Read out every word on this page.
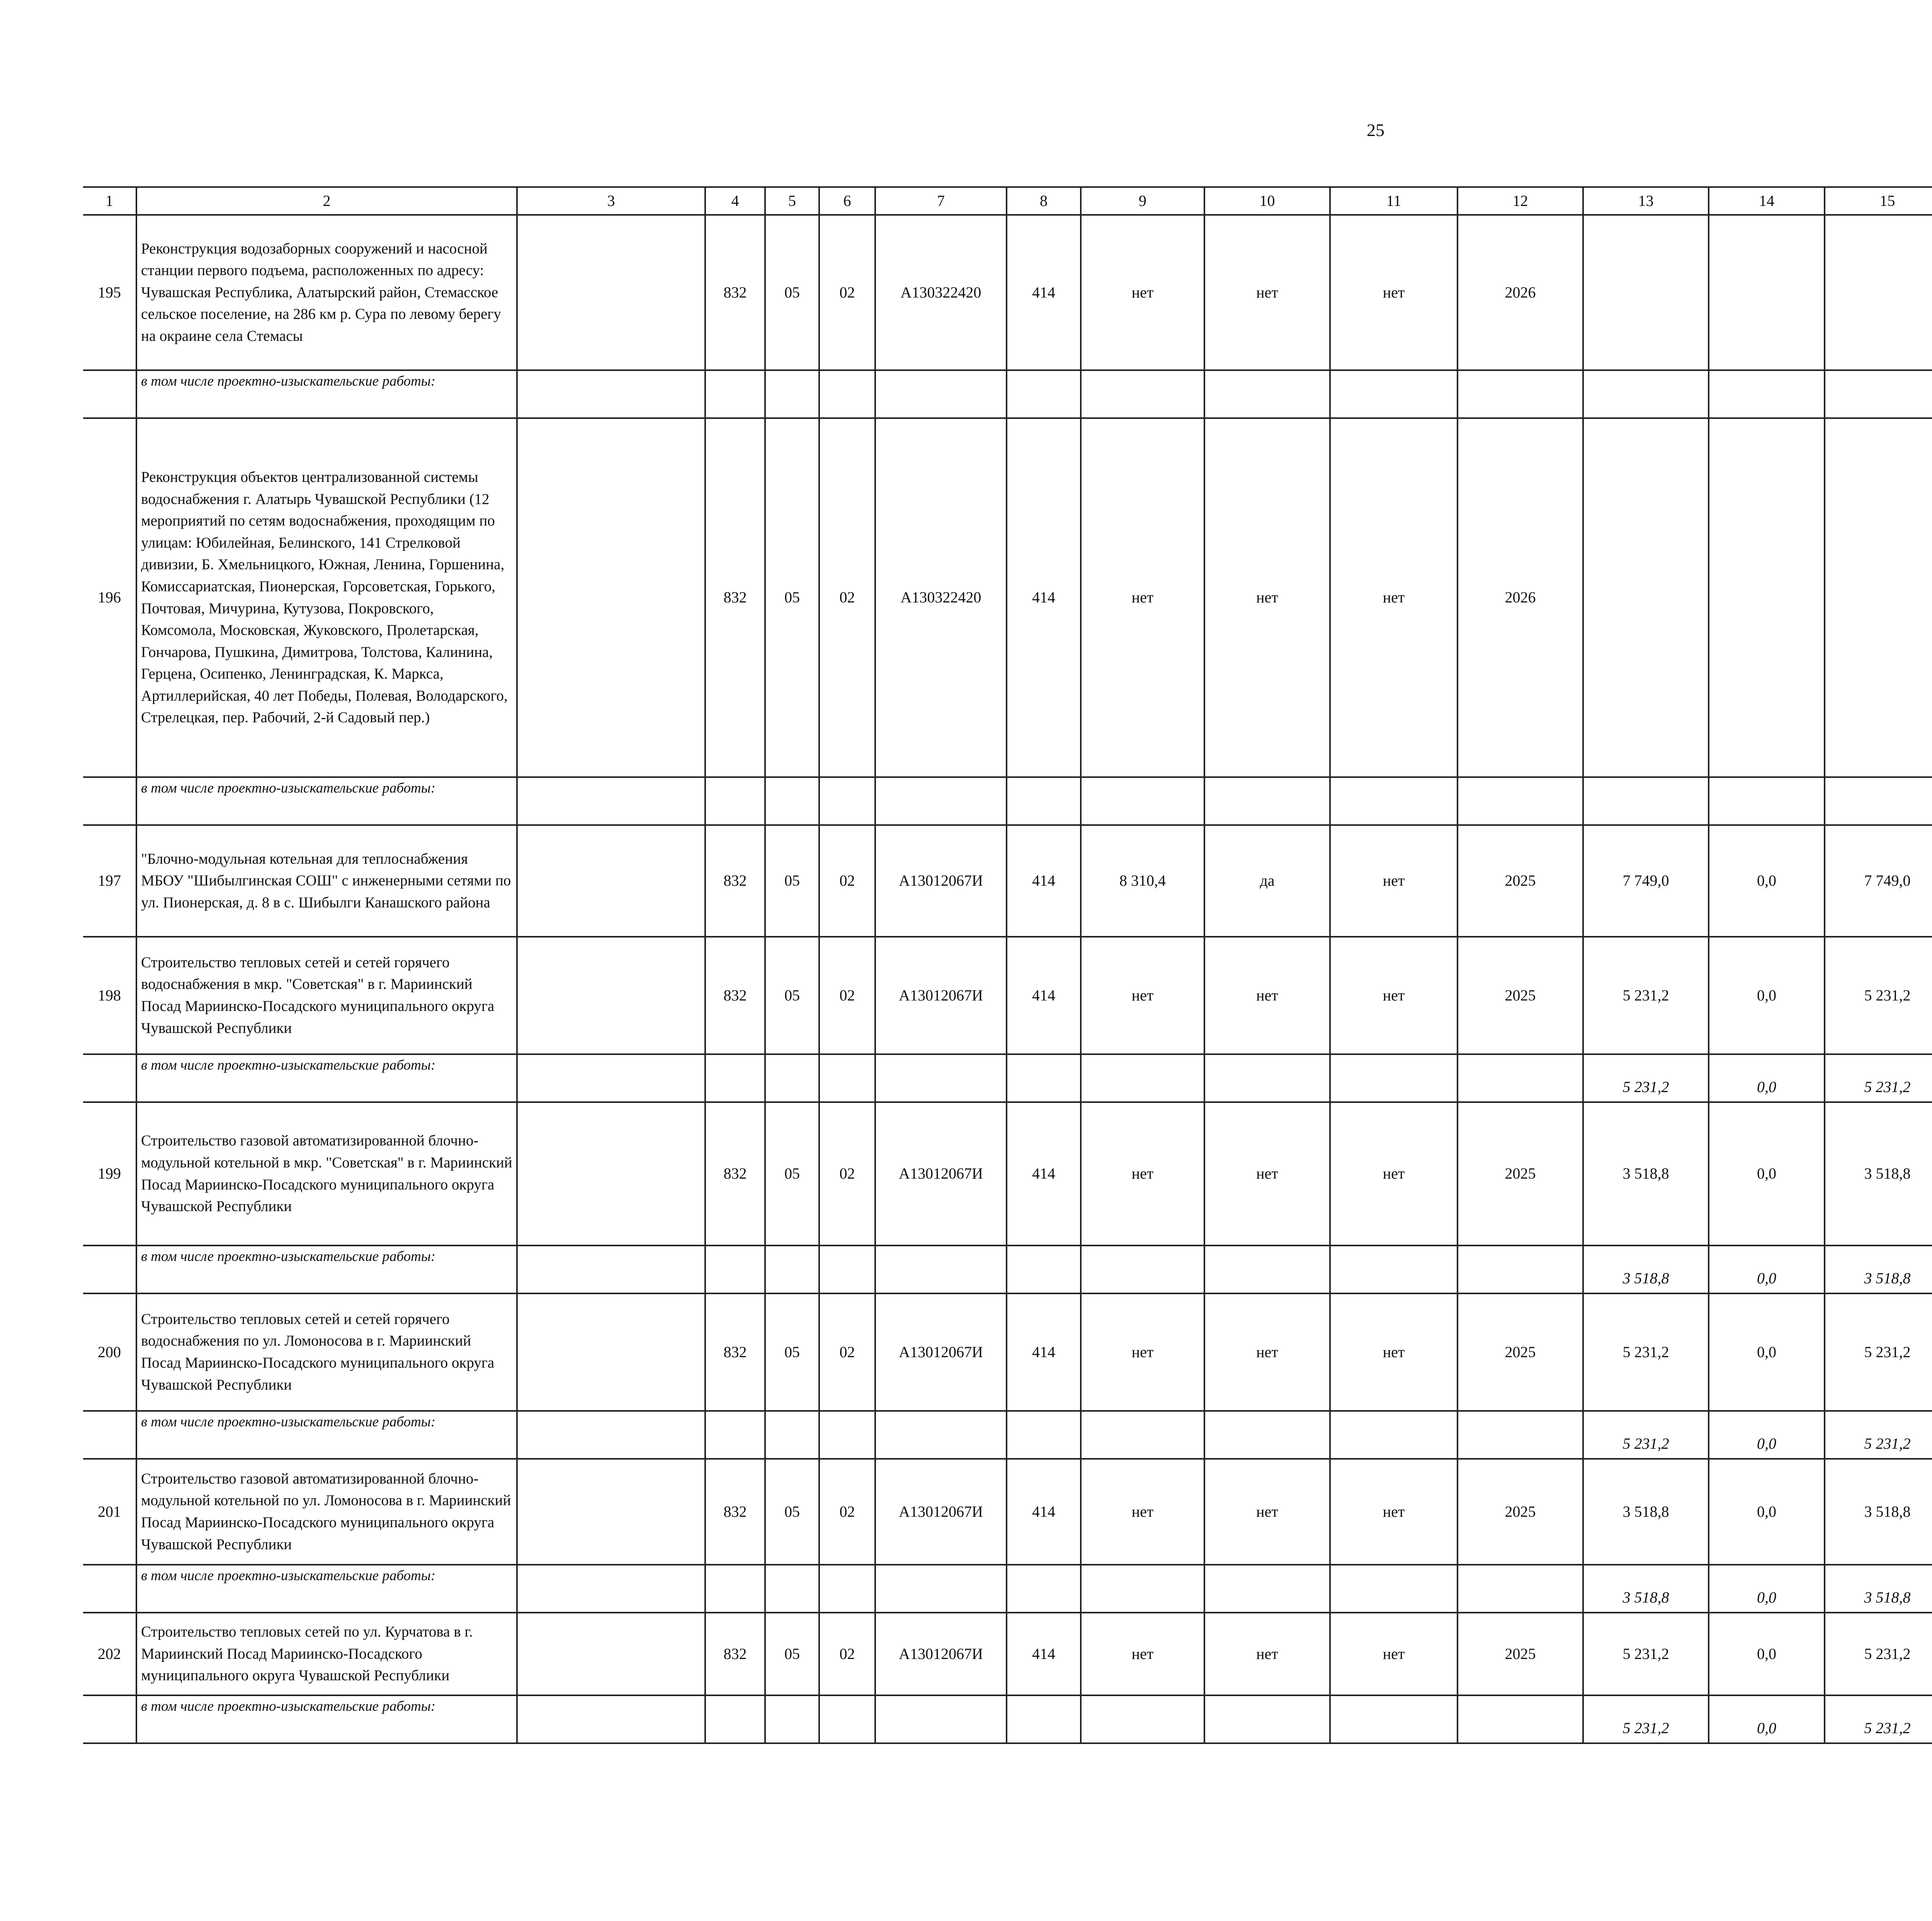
25
1	2	3	4	5	6	7	8	9	10	11	12	13	14	15						
195	Реконструкция водозаборных сооружений и насосной станции первого подъема, расположенных по адресу: Чувашская Республика, Алатырский район, Стемасское сельское поселение, на 286 км р. Сура по левому берегу на окраине села Стемасы		832	05	02	А130322420	414	нет	нет	нет	2026									
	в том числе проектно-изыскательские работы:																			
196	Реконструкция объектов централизованной системы водоснабжения г. Алатырь Чувашской Республики (12 мероприятий по сетям водоснабжения, проходящим по улицам: Юбилейная, Белинского, 141 Стрелковой дивизии, Б. Хмельницкого, Южная, Ленина, Горшенина, Комиссариатская, Пионерская, Горсоветская, Горького, Почтовая, Мичурина, Кутузова, Покровского, Комсомола, Московская, Жуковского, Пролетарская, Гончарова, Пушкина, Димитрова, Толстова, Калинина, Герцена, Осипенко, Ленинградская, К. Маркса, Артиллерийская, 40 лет Победы, Полевая, Володарского, Стрелецкая, пер. Рабочий, 2-й Садовый пер.)		832	05	02	А130322420	414	нет	нет	нет	2026									
	в том числе проектно-изыскательские работы:																			
197	"Блочно-модульная котельная для теплоснабжения МБОУ "Шибылгинская СОШ" с инженерными сетями по ул. Пионерская, д. 8 в с. Шибылги Канашского района		832	05	02	А13012067И	414	8 310,4	да	нет	2025	7 749,0	0,0	7 749,0						
198	Строительство тепловых сетей и сетей горячего водоснабжения в мкр. "Советская" в г. Мариинский Посад Мариинско-Посадского муниципального округа Чувашской Республики		832	05	02	А13012067И	414	нет	нет	нет	2025	5 231,2	0,0	5 231,2						
	в том числе проектно-изыскательские работы:											5 231,2	0,0	5 231,2						
199	Строительство газовой автоматизированной блочно-модульной котельной в мкр. "Советская" в г. Мариинский Посад Мариинско-Посадского муниципального округа Чувашской Республики		832	05	02	А13012067И	414	нет	нет	нет	2025	3 518,8	0,0	3 518,8						
	в том числе проектно-изыскательские работы:											3 518,8	0,0	3 518,8						
200	Строительство тепловых сетей и сетей горячего водоснабжения по ул. Ломоносова в г. Мариинский Посад Мариинско-Посадского муниципального округа Чувашской Республики		832	05	02	А13012067И	414	нет	нет	нет	2025	5 231,2	0,0	5 231,2						
	в том числе проектно-изыскательские работы:											5 231,2	0,0	5 231,2						
201	Строительство газовой автоматизированной блочно-модульной котельной по ул. Ломоносова в г. Мариинский Посад Мариинско-Посадского муниципального округа Чувашской Республики		832	05	02	А13012067И	414	нет	нет	нет	2025	3 518,8	0,0	3 518,8						
	в том числе проектно-изыскательские работы:											3 518,8	0,0	3 518,8						
202	Строительство тепловых сетей по ул. Курчатова в г. Мариинский Посад Мариинско-Посадского муниципального округа Чувашской Республики		832	05	02	А13012067И	414	нет	нет	нет	2025	5 231,2	0,0	5 231,2						
	в том числе проектно-изыскательские работы:											5 231,2	0,0	5 231,2						
